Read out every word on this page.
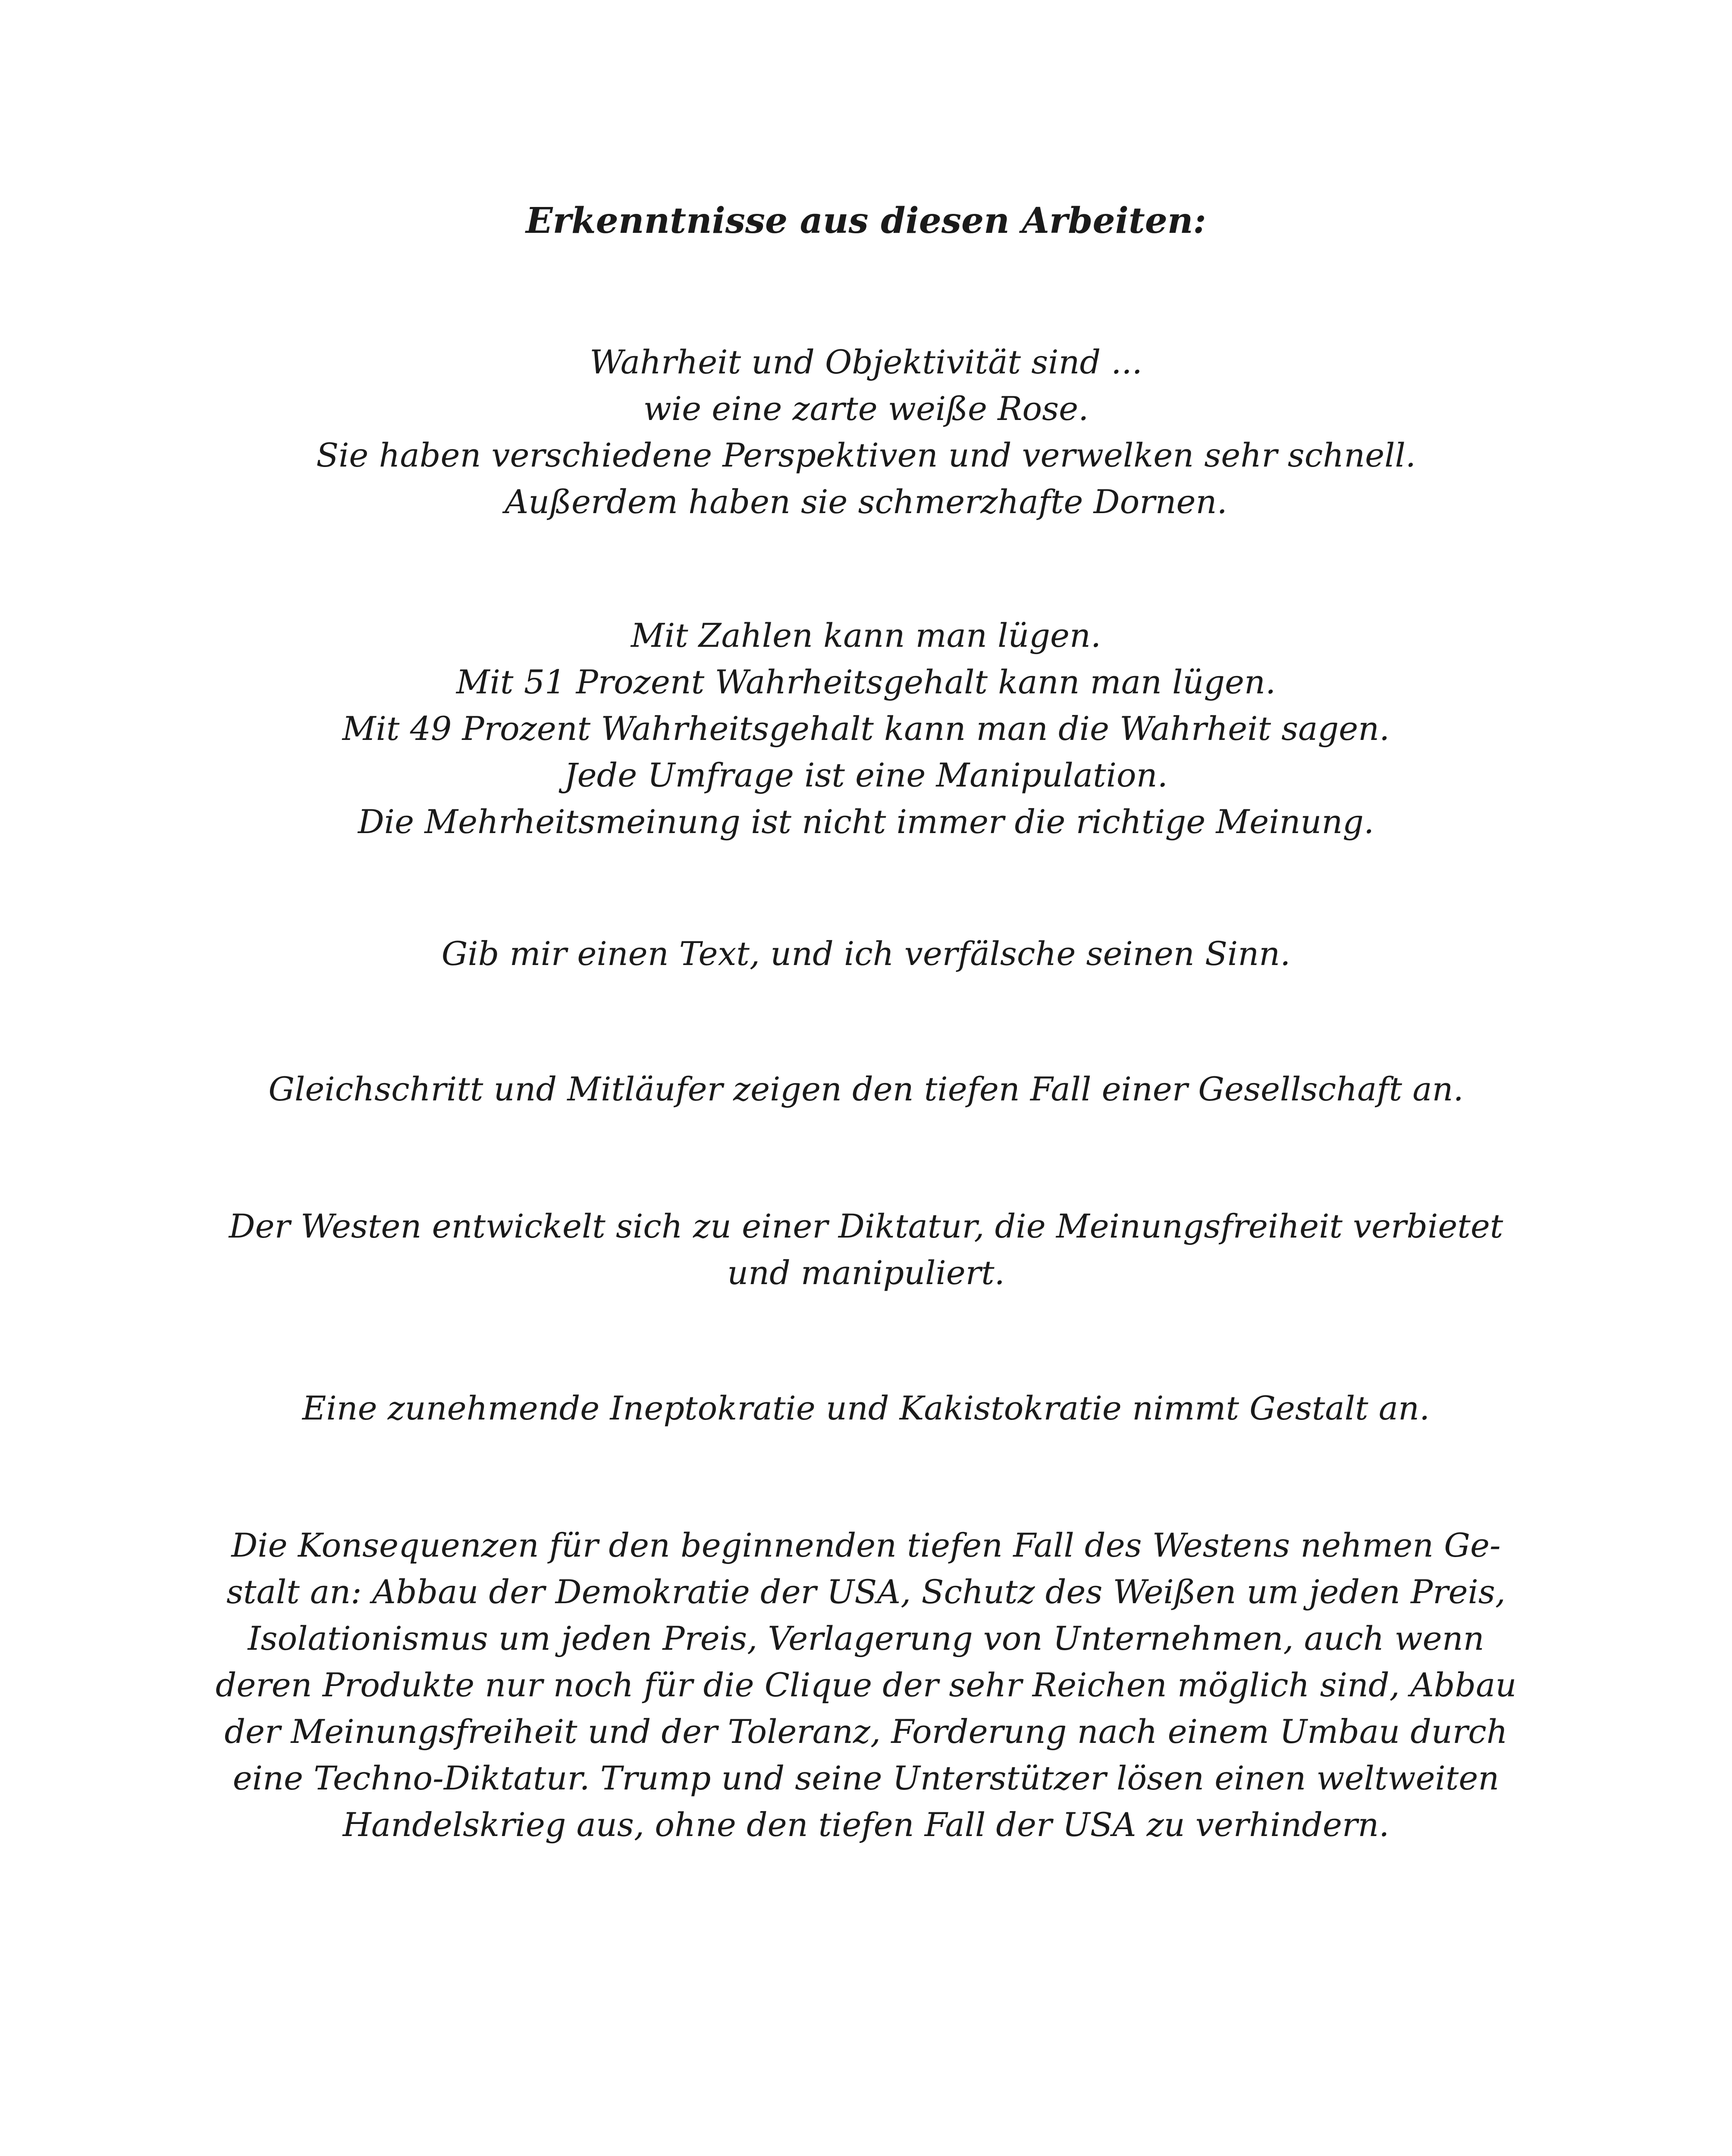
Erkenntnisse aus diesen Arbeiten:
Wahrheit und Objektivität sind ...
wie eine zarte weiße Rose.
Sie haben verschiedene Perspektiven und verwelken sehr schnell.
Außerdem haben sie schmerzhafte Dornen.
Mit Zahlen kann man lügen.
Mit 51 Prozent Wahrheitsgehalt kann man lügen.
Mit 49 Prozent Wahrheitsgehalt kann man die Wahrheit sagen.
Jede Umfrage ist eine Manipulation.
Die Mehrheitsmeinung ist nicht immer die richtige Meinung.
Gib mir einen Text, und ich verfälsche seinen Sinn.
Gleichschritt und Mitläufer zeigen den tiefen Fall einer Gesellschaft an.
Der Westen entwickelt sich zu einer Diktatur, die Meinungsfreiheit verbietet
und manipuliert.
Eine zunehmende Ineptokratie und Kakistokratie nimmt Gestalt an.
Die Konsequenzen für den beginnenden tiefen Fall des Westens nehmen Ge-
stalt an: Abbau der Demokratie der USA, Schutz des Weißen um jeden Preis,
Isolationismus um jeden Preis, Verlagerung von Unternehmen, auch wenn
deren Produkte nur noch für die Clique der sehr Reichen möglich sind, Abbau
der Meinungsfreiheit und der Toleranz, Forderung nach einem Umbau durch
eine Techno-Diktatur. Trump und seine Unterstützer lösen einen weltweiten
Handelskrieg aus, ohne den tiefen Fall der USA zu verhindern.
